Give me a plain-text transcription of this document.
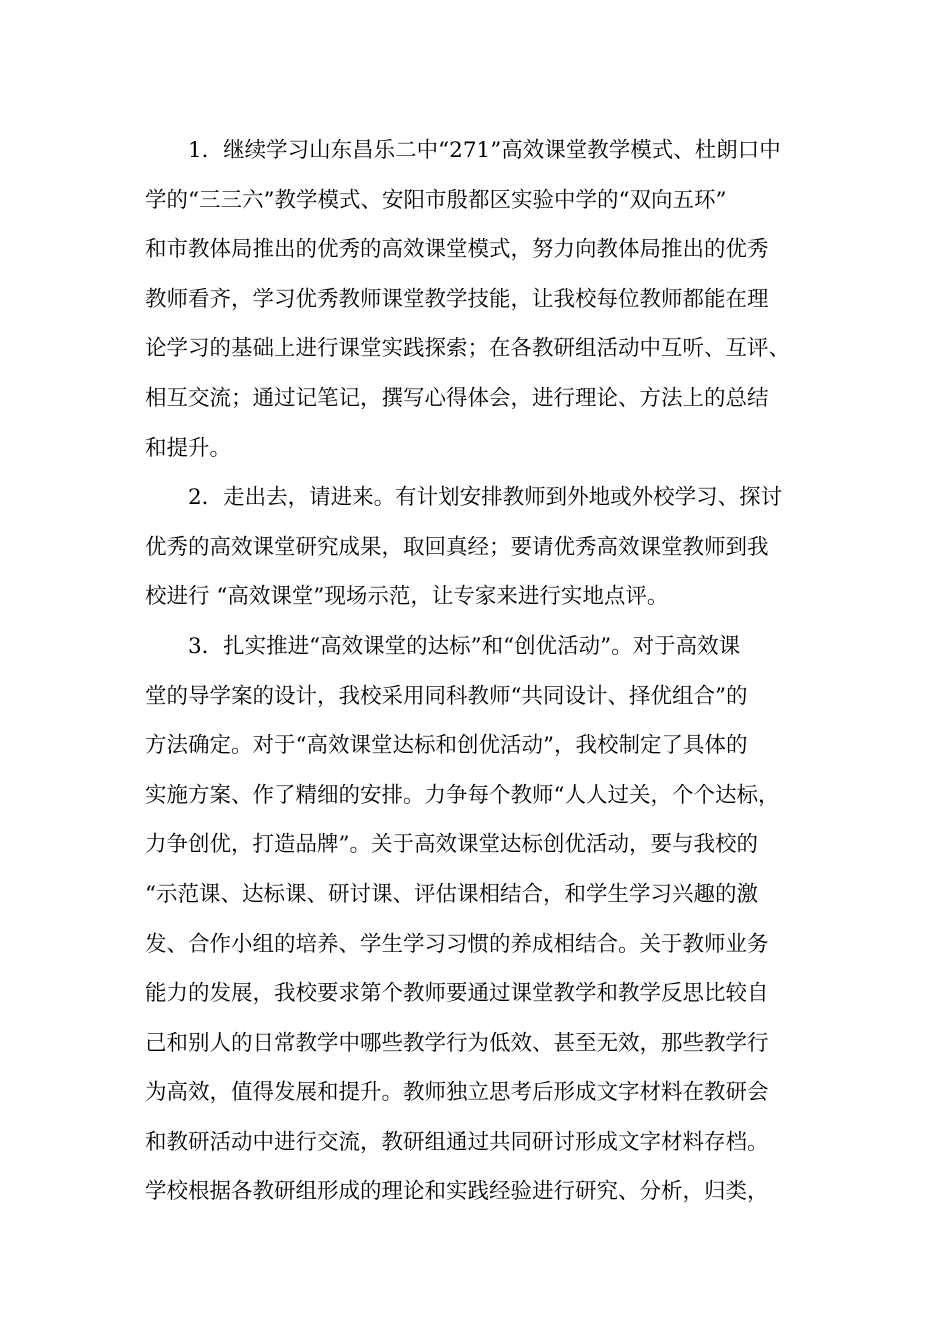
1．继续学习山东昌乐二中“271”高效课堂教学模式、杜朗口中
学的“三三六”教学模式、安阳市殷都区实验中学的“双向五环”
和市教体局推出的优秀的高效课堂模式，努力向教体局推出的优秀
教师看齐，学习优秀教师课堂教学技能，让我校每位教师都能在理
论学习的基础上进行课堂实践探索；在各教研组活动中互听、互评、
相互交流；通过记笔记，撰写心得体会，进行理论、方法上的总结
和提升。
2．走出去，请进来。有计划安排教师到外地或外校学习、探讨
优秀的高效课堂研究成果，取回真经；要请优秀高效课堂教师到我
校进行 “高效课堂”现场示范，让专家来进行实地点评。
3．扎实推进“高效课堂的达标”和“创优活动”。对于高效课
堂的导学案的设计，我校采用同科教师“共同设计、择优组合”的
方法确定。对于“高效课堂达标和创优活动”，我校制定了具体的
实施方案、作了精细的安排。力争每个教师“人人过关，个个达标，
力争创优，打造品牌”。关于高效课堂达标创优活动，要与我校的
“示范课、达标课、研讨课、评估课相结合，和学生学习兴趣的激
发、合作小组的培养、学生学习习惯的养成相结合。关于教师业务
能力的发展，我校要求第个教师要通过课堂教学和教学反思比较自
己和别人的日常教学中哪些教学行为低效、甚至无效，那些教学行
为高效，值得发展和提升。教师独立思考后形成文字材料在教研会
和教研活动中进行交流，教研组通过共同研讨形成文字材料存档。
学校根据各教研组形成的理论和实践经验进行研究、分析，归类，
